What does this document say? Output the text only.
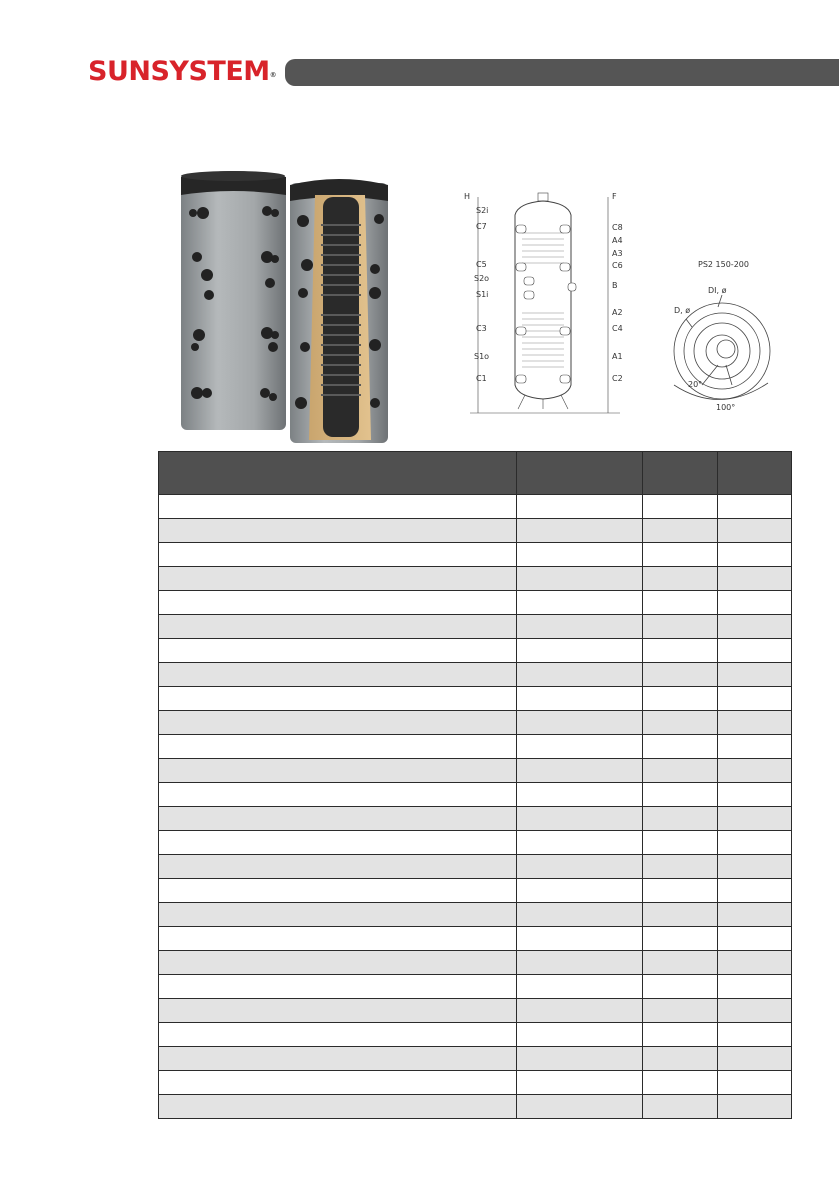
SUNSYSTEM®
H
S2i
C7
C5
S2o
S1i
C3
S1o
C1
F
C8
A4
A3
C6
B
A2
C4
A1
C2
PS2 150-200
DI, ø
D, ø
20°
100°
